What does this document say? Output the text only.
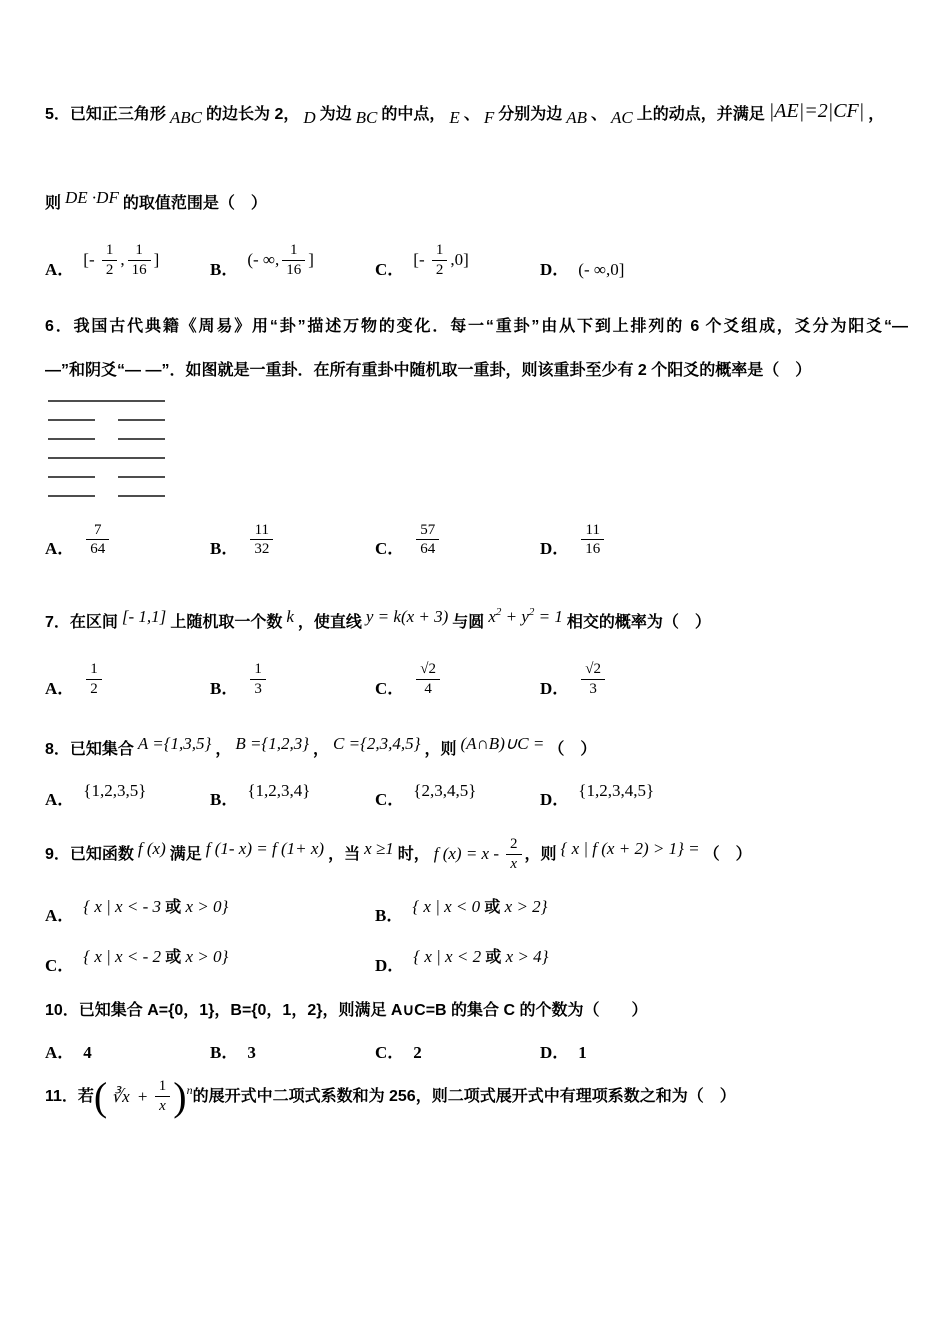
5．已知正三角形 ABC 的边长为 2， D 为边 BC 的中点， E 、 F 分别为边 AB 、 AC 上的动点，并满足 |AE|=2|CF| ，
则 DE ·DF 的取值范围是（　）
A． [- $\frac{1}{2}$ , $\frac{1}{16}$ ]	B． (- ∞, $\frac{1}{16}$ ]	C． [- $\frac{1}{2} ,0$]	D． (- ∞,0]
6．我国古代典籍《周易》用“卦”描述万物的变化．每一“重卦”由从下到上排列的 6 个爻组成，爻分为阳爻“—
—”和阴爻“— —”．如图就是一重卦．在所有重卦中随机取一重卦，则该重卦至少有 2 个阳爻的概率是（　）
A． $\frac{7}{64}$	B． $\frac{11}{32}$	C． $\frac{57}{64}$	D． $\frac{11}{16}$
7．在区间 [- 1,1] 上随机取一个数 k ，使直线 y = k(x + 3) 与圆 $x^2 + y^2 = 1$ 相交的概率为（　）
A． $\frac{1}{2}$	B． $\frac{1}{3}$	C． $\frac{√2}{4}$	D． $\frac{√2}{3}$
8．已知集合 A ={1,3,5} ， B ={1,2,3} ， C ={2,3,4,5} ，则 (A∩B)∪C = （　）
A． {1,2,3,5}	B． {1,2,3,4}	C． {2,3,4,5}	D． {1,2,3,4,5}
9．已知函数 f (x) 满足 f (1- x) = f (1+ x) ，当 x ≥1 时， f $(x) = x - \frac{2}{x}$ ，则 { x | f (x + 2) > 1} = （　）
A． { x | x < - 3 或 x > 0}	B． { x | x < 0 或 x > 2}
C． { x | x < - 2 或 x > 0}	D． { x | x < 2 或 x > 4}
10．已知集合 A={0，1}，B={0，1，2}，则满足 A∪C=B 的集合 C 的个数为（　　）
A． 4	B． 3	C． 2	D． 1
11．若 ( ∛x + $\frac{1}{x}$ ) n 的展开式中二项式系数和为 256，则二项式展开式中有理项系数之和为（　）
